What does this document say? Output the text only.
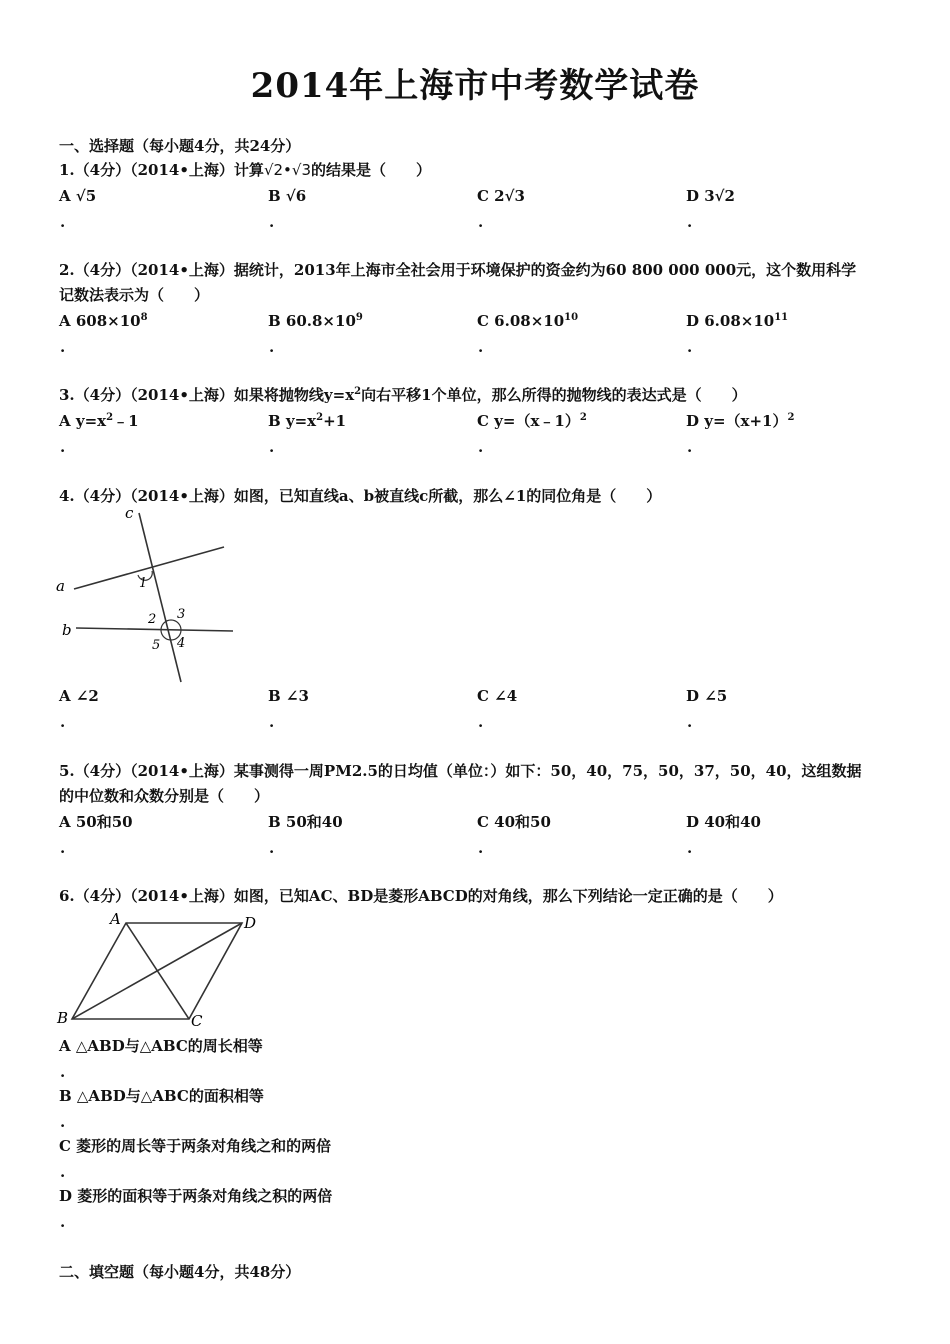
2014年上海市中考数学试卷
一、选择题（每小题4分，共24分）
1.（4分）（2014•上海）计算√2•√3的结果是（　　）
A √5	B √6	C 2√3	D 3√2
.	.	.	.
2.（4分）（2014•上海）据统计，2013年上海市全社会用于环境保护的资金约为60 800 000 000元，这个数用科学
记数法表示为（　　）
A $608\times 10^8$	B $60.8\times 10^9$	C $6.08\times 10^{10}$	D $6.08\times 10^{11}$
.	.	.	.
3.（4分）（2014•上海）如果将抛物线$y=x^2$向右平移1个单位，那么所得的抛物线的表达式是（　　）
A $y=x^2﹣1$	B $y=x^2+1$	C y=（x﹣1）$^2$	D $y=(x+1)^2$
.	.	.	.
4.（4分）（2014•上海）如图，已知直线a、b被直线c所截，那么∠1的同位角是（　　）
c
a
b
1
2 3
4
5
A ∠2	B ∠3	C ∠4	D ∠5
.	.	.	.
5.（4分）（2014•上海）某事测得一周PM2.5的日均值（单位：）如下：50，40，75，50，37，50，40，这组数据
的中位数和众数分别是（　　）
A 50和50	B 50和40	C 40和50	D 40和40
.	.	.	.
6.（4分）（2014•上海）如图，已知AC、BD是菱形ABCD的对角线，那么下列结论一定正确的是（　　）
A	D
B	C
A △ABD与△ABC的周长相等
.
B △ABD与△ABC的面积相等
.
C 菱形的周长等于两条对角线之和的两倍
.
D 菱形的面积等于两条对角线之积的两倍
.
二、填空题（每小题4分，共48分）
